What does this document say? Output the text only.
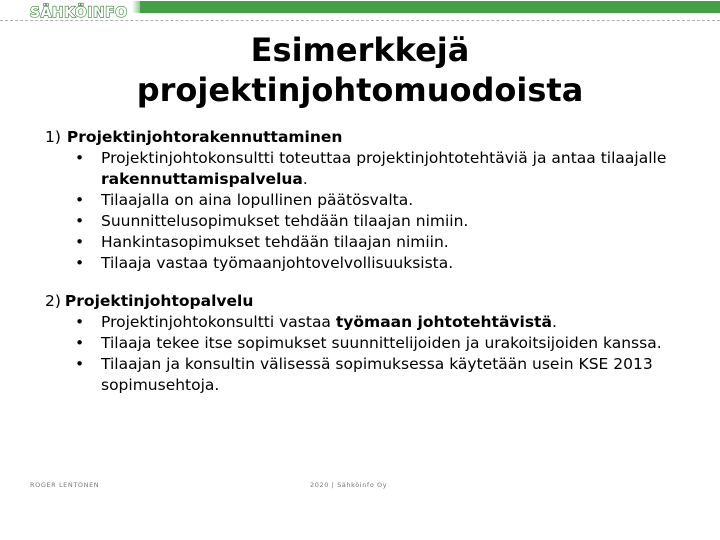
SÄHKÖINFO
Esimerkkejä
projektinjohtomuodoista
1) Projektinjohtorakennuttaminen
•	Projektinjohtokonsultti toteuttaa projektinjohtotehtäviä ja antaa tilaajalle rakennuttamispalvelua.
•	Tilaajalla on aina lopullinen päätösvalta.
•	Suunnittelusopimukset tehdään tilaajan nimiin.
•	Hankintasopimukset tehdään tilaajan nimiin.
•	Tilaaja vastaa työmaanjohtovelvollisuuksista.
2) Projektinjohtopalvelu
•	Projektinjohtokonsultti vastaa työmaan johtotehtävistä.
•	Tilaaja tekee itse sopimukset suunnittelijoiden ja urakoitsijoiden kanssa.
•	Tilaajan ja konsultin välisessä sopimuksessa käytetään usein KSE 2013 sopimusehtoja.
ROGER LENTONEN	2020 | Sähköinfo Oy
